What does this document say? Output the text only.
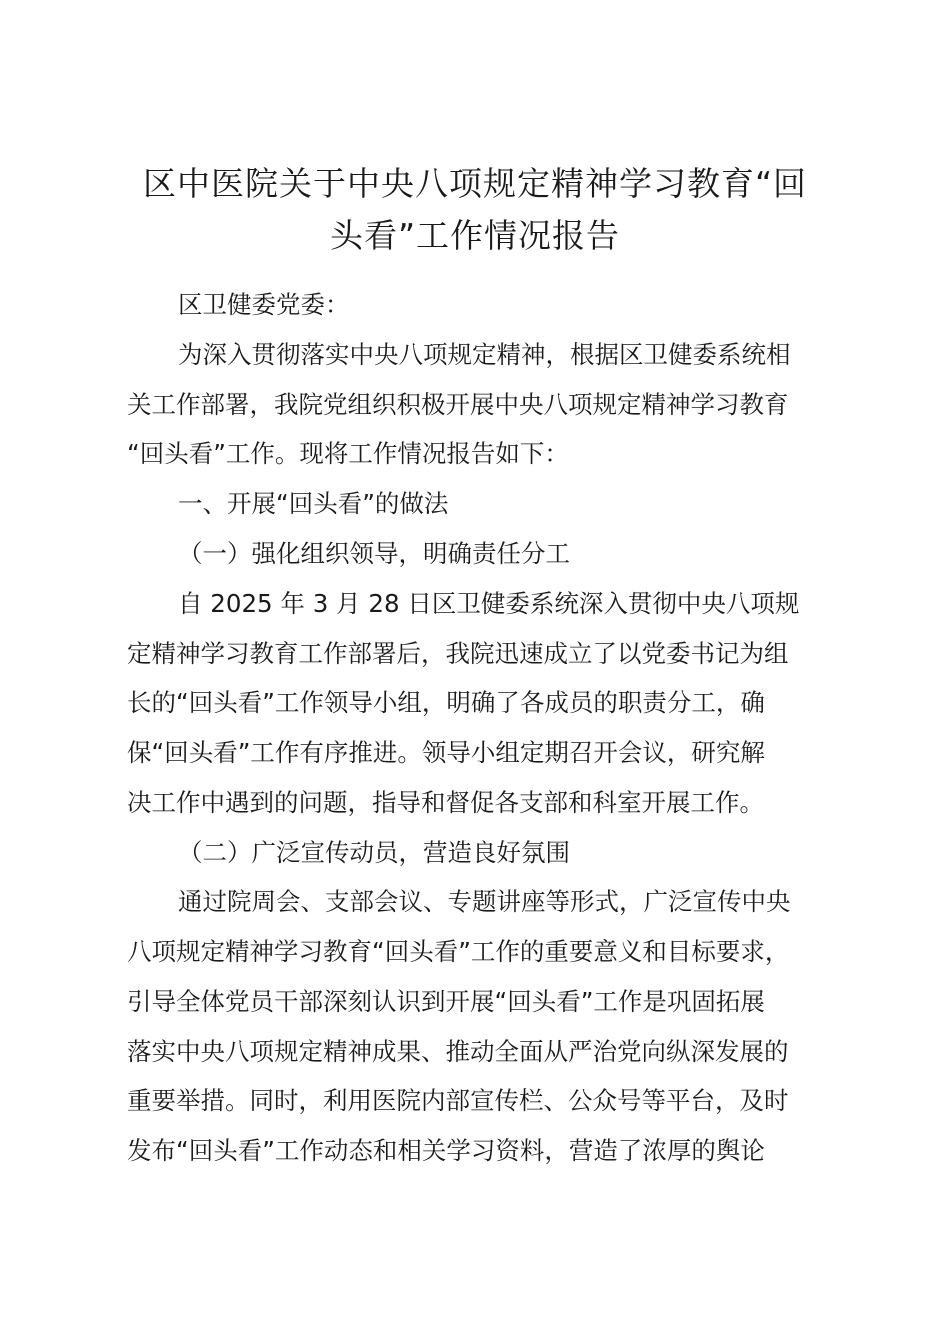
区中医院关于中央八项规定精神学习教育“回
头看”工作情况报告

区卫健委党委：

为深入贯彻落实中央八项规定精神，根据区卫健委系统相

关工作部署，我院党组织积极开展中央八项规定精神学习教育

“回头看”工作。现将工作情况报告如下：

一、开展“回头看”的做法

（一）强化组织领导，明确责任分工

自 2025 年 3 月 28 日区卫健委系统深入贯彻中央八项规

定精神学习教育工作部署后，我院迅速成立了以党委书记为组

长的“回头看”工作领导小组，明确了各成员的职责分工，确

保“回头看”工作有序推进。领导小组定期召开会议，研究解

决工作中遇到的问题，指导和督促各支部和科室开展工作。

（二）广泛宣传动员，营造良好氛围

通过院周会、支部会议、专题讲座等形式，广泛宣传中央

八项规定精神学习教育“回头看”工作的重要意义和目标要求，

引导全体党员干部深刻认识到开展“回头看”工作是巩固拓展

落实中央八项规定精神成果、推动全面从严治党向纵深发展的

重要举措。同时，利用医院内部宣传栏、公众号等平台，及时

发布“回头看”工作动态和相关学习资料，营造了浓厚的舆论
